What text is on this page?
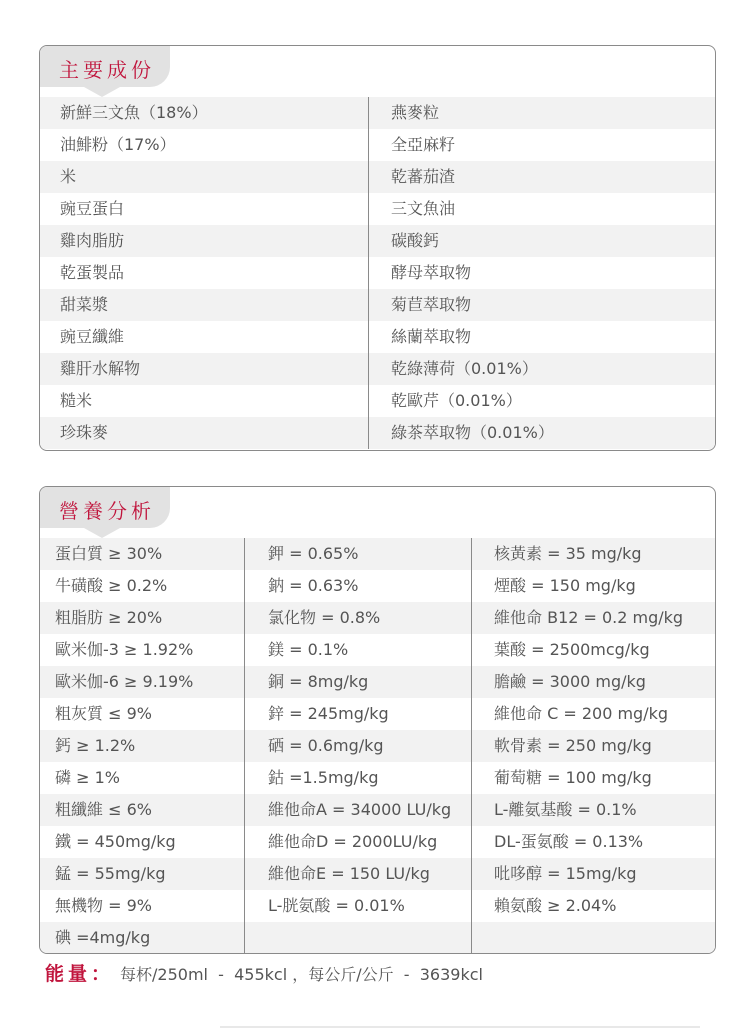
主要成份
新鮮三文魚（18%）	燕麥粒
油鯡粉（17%）	全亞麻籽
米	乾蕃茄渣
豌豆蛋白	三文魚油
雞肉脂肪	碳酸鈣
乾蛋製品	酵母萃取物
甜菜漿	菊苣萃取物
豌豆纖維	絲蘭萃取物
雞肝水解物	乾綠薄荷（0.01%）
糙米	乾歐芹（0.01%）
珍珠麥	綠茶萃取物（0.01%）
營養分析
蛋白質 ≥ 30%	鉀 = 0.65%	核黃素 = 35 mg/kg
牛磺酸 ≥ 0.2%	鈉 = 0.63%	煙酸 = 150 mg/kg
粗脂肪 ≥ 20%	氯化物 = 0.8%	維他命 B12 = 0.2 mg/kg
歐米伽-3 ≥ 1.92%	鎂 = 0.1%	葉酸 = 2500mcg/kg
歐米伽-6 ≥ 9.19%	銅 = 8mg/kg	膽鹼 = 3000 mg/kg
粗灰質 ≤ 9%	鋅 = 245mg/kg	維他命 C = 200 mg/kg
鈣 ≥ 1.2%	硒 = 0.6mg/kg	軟骨素 = 250 mg/kg
磷 ≥ 1%	鈷 =1.5mg/kg	葡萄糖 = 100 mg/kg
粗纖維 ≤ 6%	維他命A = 34000 LU/kg	L-離氨基酸 = 0.1%
鐵 = 450mg/kg	維他命D = 2000LU/kg	DL-蛋氨酸 = 0.13%
錳 = 55mg/kg	維他命E = 150 LU/kg	吡哆醇 = 15mg/kg
無機物 = 9%	L-胱氨酸 = 0.01%	賴氨酸 ≥ 2.04%
碘 =4mg/kg
能量： 每杯/250ml  -  455kcl ，每公斤/公斤  -  3639kcl
